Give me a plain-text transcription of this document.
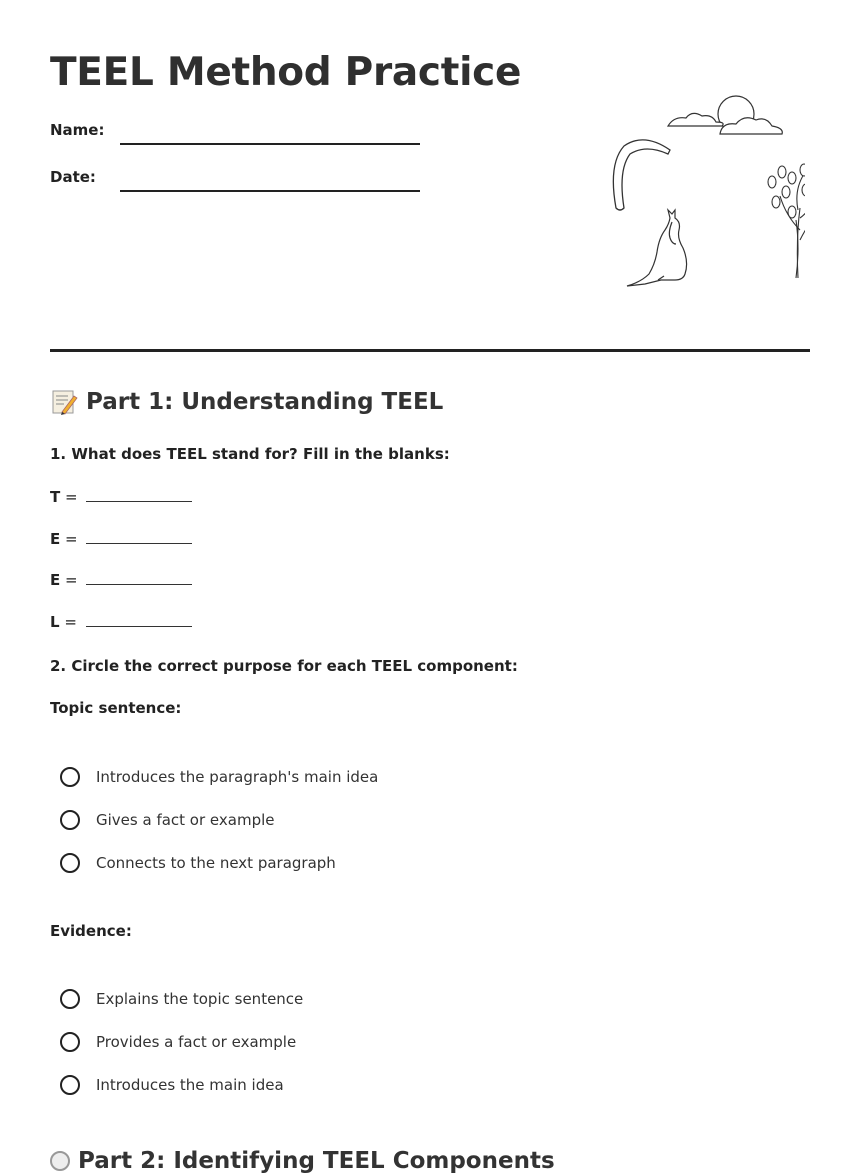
TEEL Method Practice
Name:
Date:
Part 1: Understanding TEEL
1. What does TEEL stand for? Fill in the blanks:
T =
E =
E =
L =
2. Circle the correct purpose for each TEEL component:
Topic sentence:
Introduces the paragraph's main idea
Gives a fact or example
Connects to the next paragraph
Evidence:
Explains the topic sentence
Provides a fact or example
Introduces the main idea
Part 2: Identifying TEEL Components
